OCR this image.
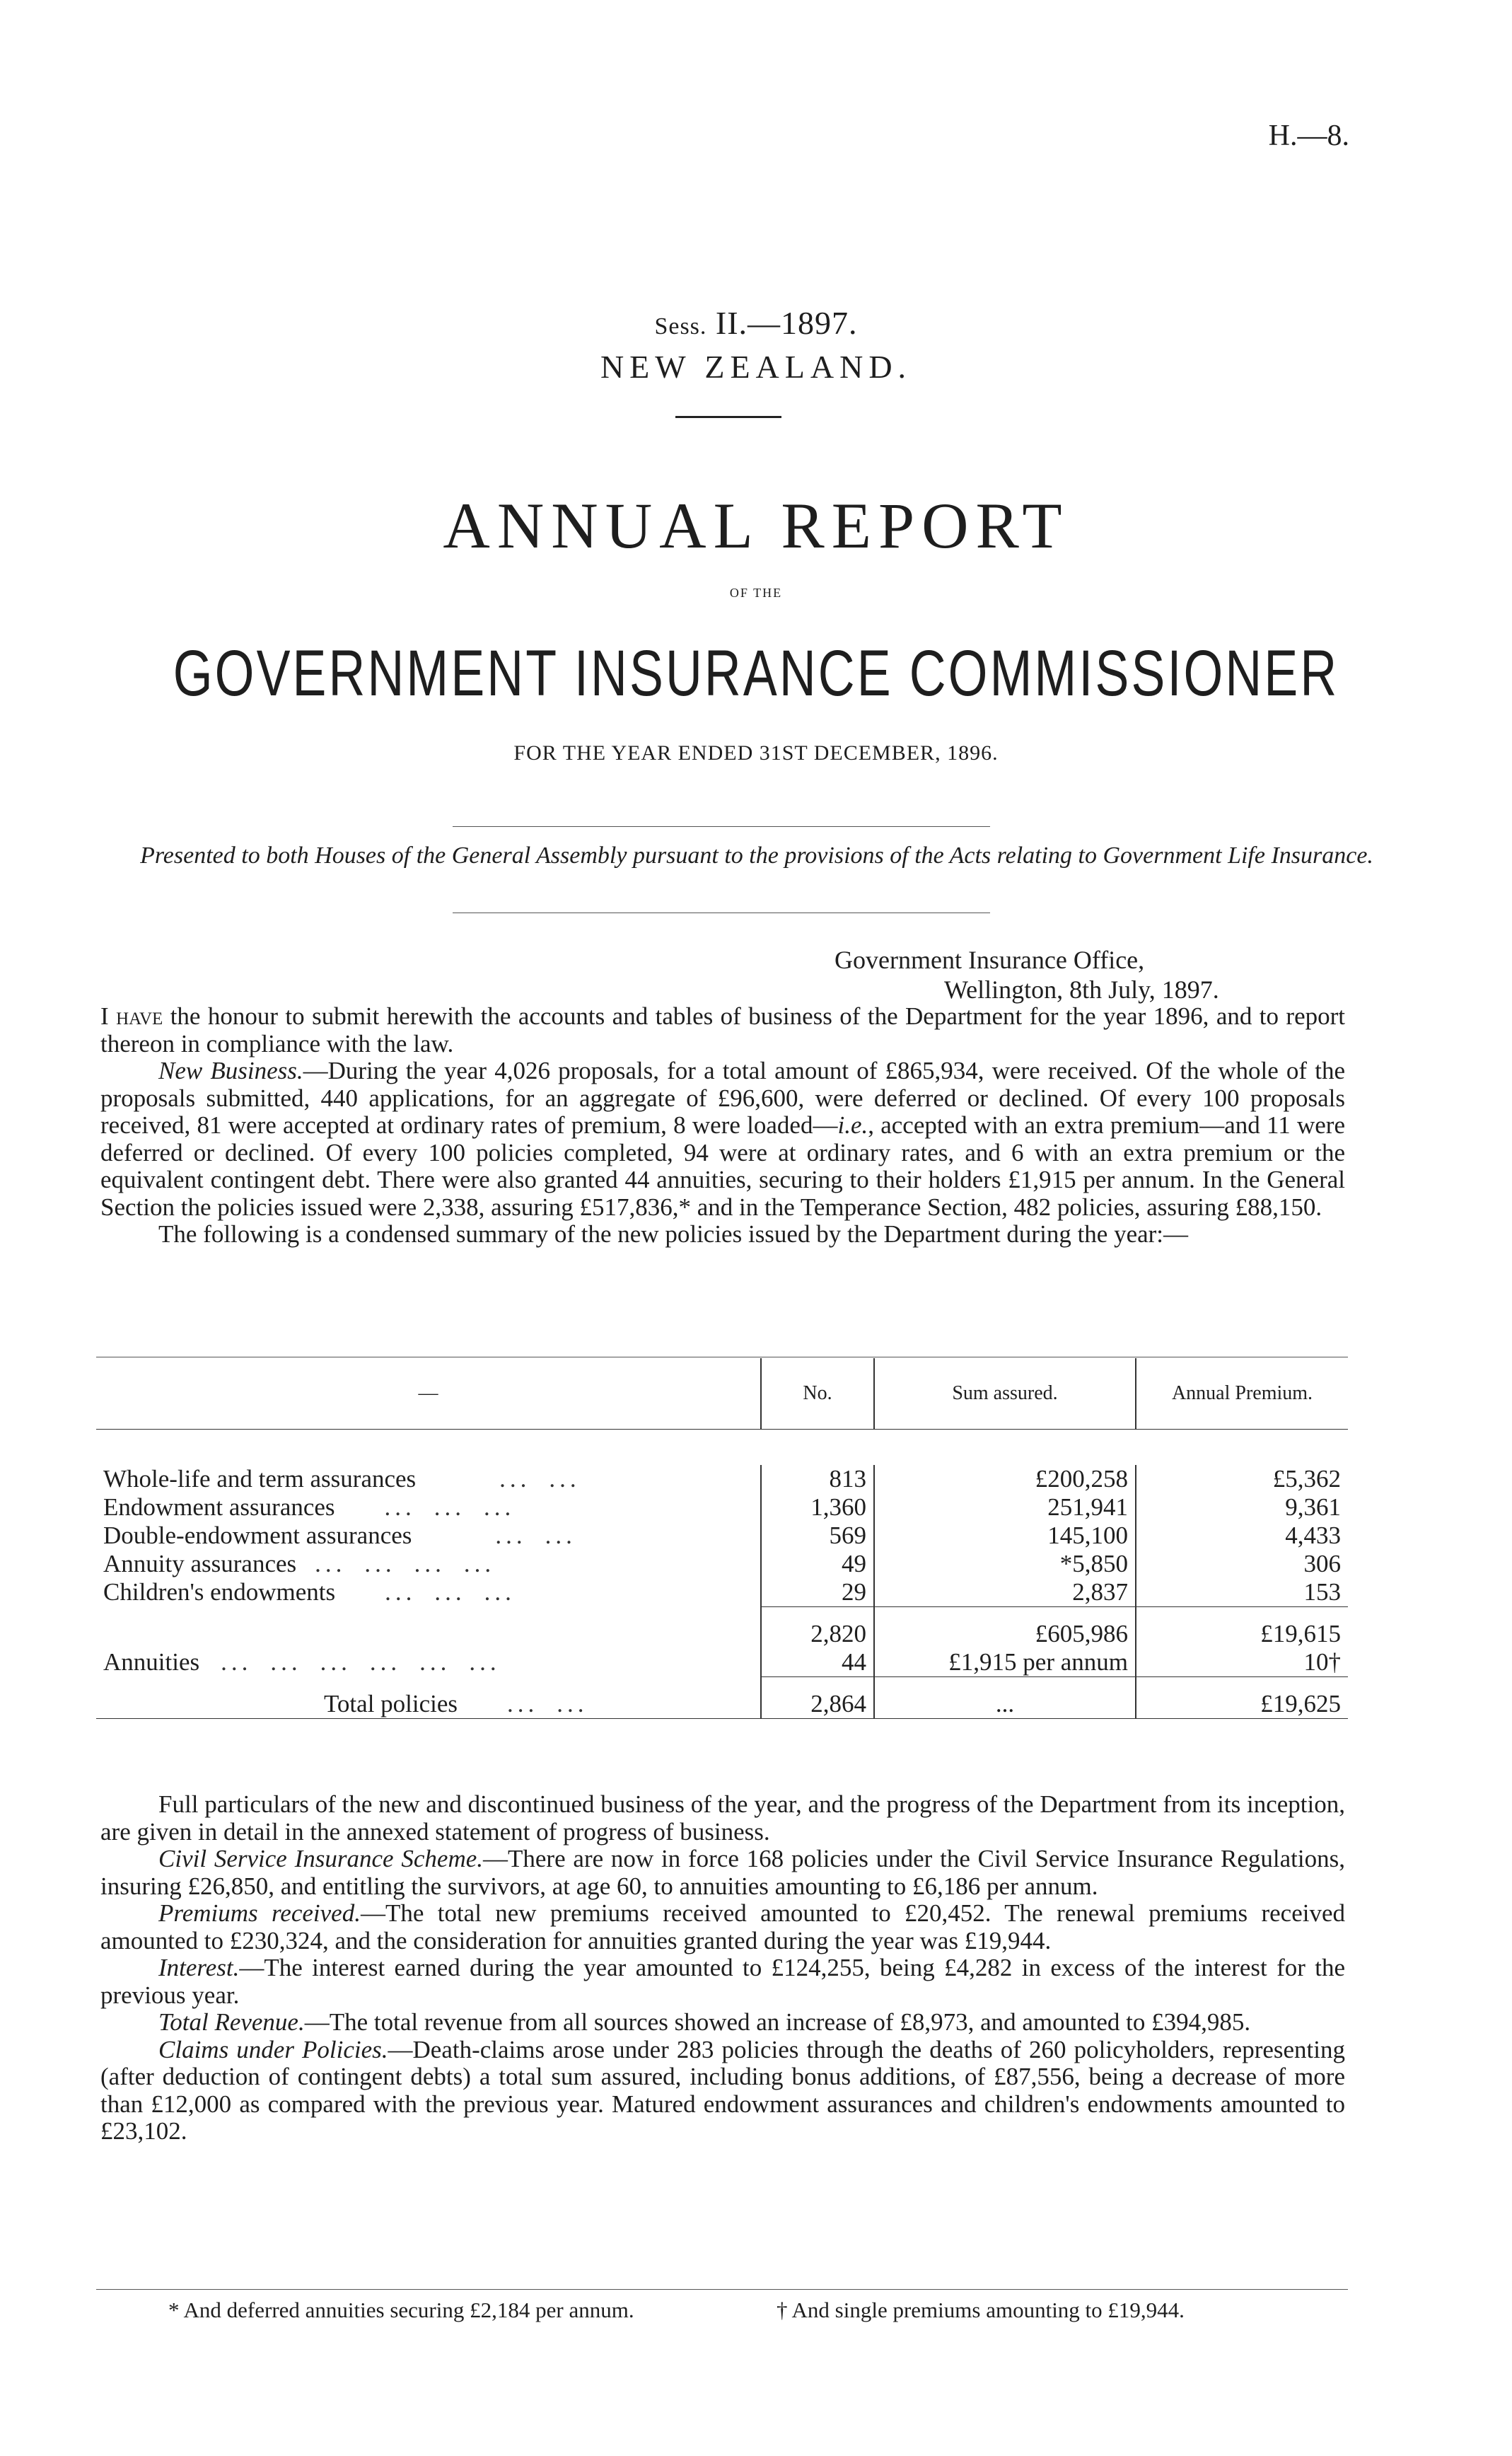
H.—8.
Sess. II.—1897.
NEW ZEALAND.
ANNUAL REPORT
OF THE
GOVERNMENT INSURANCE COMMISSIONER
FOR THE YEAR ENDED 31ST DECEMBER, 1896.
Presented to both Houses of the General Assembly pursuant to the provisions of the Acts relating to Government Life Insurance.
Government Insurance Office,
Wellington, 8th July, 1897.

I have the honour to submit herewith the accounts and tables of business of the Department for the year 1896, and to report thereon in compliance with the law.

New Business.—During the year 4,026 proposals, for a total amount of £865,934, were received. Of the whole of the proposals submitted, 440 applications, for an aggregate of £96,600, were deferred or declined. Of every 100 proposals received, 81 were accepted at ordinary rates of premium, 8 were loaded—i.e., accepted with an extra premium—and 11 were deferred or declined. Of every 100 policies completed, 94 were at ordinary rates, and 6 with an extra premium or the equivalent contingent debt. There were also granted 44 annuities, securing to their holders £1,915 per annum. In the General Section the policies issued were 2,338, assuring £517,836,* and in the Temperance Section, 482 policies, assuring £88,150.

The following is a condensed summary of the new policies issued by the Department during the year:—

—	No.	Sum assured.	Annual Premium.

Whole-life and term assurances ... ...	813	£200,258	£5,362
Endowment assurances ... ... ...	1,360	251,941	9,361
Double-endowment assurances ... ...	569	145,100	4,433
Annuity assurances ... ... ... ...	49	*5,850	306
Children's endowments ... ... ...	29	2,837	153

	2,820	£605,986	£19,615
Annuities ... ... ... ... ... ...	44	£1,915 per annum	10†

Total policies ... ...	2,864	...	£19,625

Full particulars of the new and discontinued business of the year, and the progress of the Department from its inception, are given in detail in the annexed statement of progress of business.

Civil Service Insurance Scheme.—There are now in force 168 policies under the Civil Service Insurance Regulations, insuring £26,850, and entitling the survivors, at age 60, to annuities amounting to £6,186 per annum.

Premiums received.—The total new premiums received amounted to £20,452. The renewal premiums received amounted to £230,324, and the consideration for annuities granted during the year was £19,944.

Interest.—The interest earned during the year amounted to £124,255, being £4,282 in excess of the interest for the previous year.

Total Revenue.—The total revenue from all sources showed an increase of £8,973, and amounted to £394,985.

Claims under Policies.—Death-claims arose under 283 policies through the deaths of 260 policyholders, representing (after deduction of contingent debts) a total sum assured, including bonus additions, of £87,556, being a decrease of more than £12,000 as compared with the previous year. Matured endowment assurances and children's endowments amounted to £23,102.

* And deferred annuities securing £2,184 per annum.	† And single premiums amounting to £19,944.
